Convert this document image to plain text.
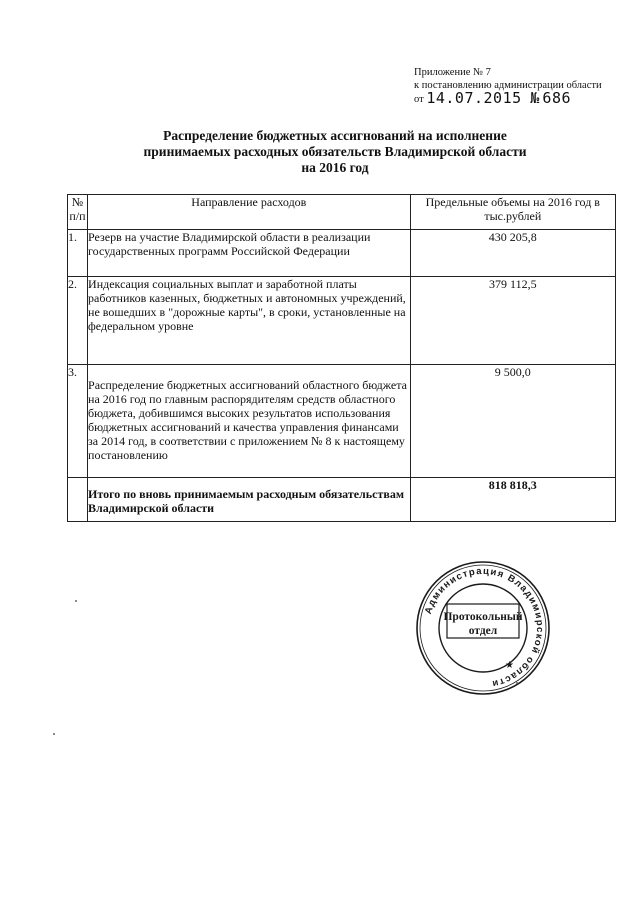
Приложение № 7
к постановлению администрации области
от 14.07.2015 № 686
Распределение бюджетных ассигнований на исполнение
принимаемых расходных обязательств Владимирской области
на 2016 год
№ п/п	Направление расходов	Предельные объемы на 2016 год в тыс.рублей
1.	Резерв на участие Владимирской области в реализации государственных программ Российской Федерации	430 205,8
2.	Индексация социальных выплат и заработной платы работников казенных, бюджетных и автономных учреждений, не вошедших в "дорожные карты", в сроки, установленные на федеральном уровне	379 112,5
3.	Распределение бюджетных ассигнований областного бюджета на 2016 год по главным распорядителям средств областного бюджета, добившимся высоких результатов использования бюджетных ассигнований и качества управления финансами за 2014 год, в соответствии с приложением № 8 к настоящему постановлению	9 500,0
	Итого по вновь принимаемым расходным обязательствам Владимирской области	818 818,3
Администрация Владимирской области
★
Протокольный
отдел
